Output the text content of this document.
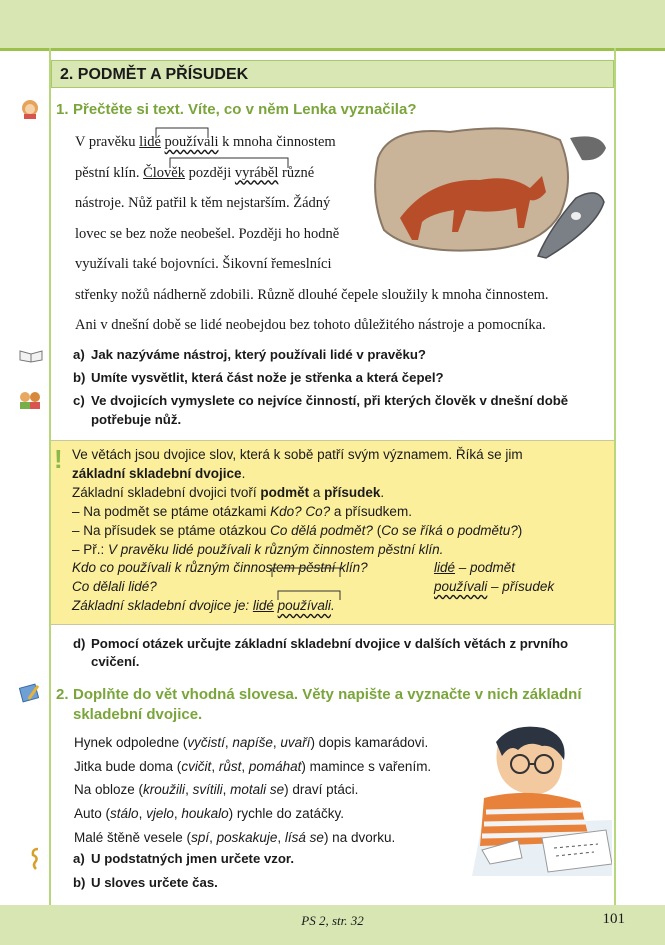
2. PODMĚT A PŘÍSUDEK
1. Přečtěte si text. Víte, co v něm Lenka vyznačila?
V pravěku lidé používali k mnoha činnostem
pěstní klín. Člověk později vyráběl různé
nástroje. Nůž patřil k těm nejstarším. Žádný
lovec se bez nože neobešel. Později ho hodně
využívali také bojovníci. Šikovní řemeslníci
střenky nožů nádherně zdobili. Různě dlouhé čepele sloužily k mnoha činnostem.
Ani v dnešní době se lidé neobejdou bez tohoto důležitého nástroje a pomocníka.
a) Jak nazýváme nástroj, který používali lidé v pravěku?
b) Umíte vysvětlit, která část nože je střenka a která čepel?
c) Ve dvojicích vymyslete co nejvíce činností, při kterých člověk v dnešní době
potřebuje nůž.
! Ve větách jsou dvojice slov, která k sobě patří svým významem. Říká se jim
základní skladební dvojice.
Základní skladební dvojici tvoří podmět a přísudek.
– Na podmět se ptáme otázkami Kdo? Co? a přísudkem.
– Na přísudek se ptáme otázkou Co dělá podmět? (Co se říká o podmětu?)
– Př.: V pravěku lidé používali k různým činnostem pěstní klín.
Kdo co používali k různým činnostem pěstní klín?	lidé – podmět
Co dělali lidé?	používali – přísudek
Základní skladební dvojice je: lidé používali.
d) Pomocí otázek určujte základní skladební dvojice v dalších větách z prvního
cvičení.
2. Doplňte do vět vhodná slovesa. Věty napište a vyznačte v nich základní
skladební dvojice.
Hynek odpoledne (vyčistí, napíše, uvaří) dopis kamarádovi.
Jitka bude doma (cvičit, růst, pomáhat) mamince s vařením.
Na obloze (kroužili, svítili, motali se) draví ptáci.
Auto (stálo, vjelo, houkalo) rychle do zatáčky.
Malé štěně vesele (spí, poskakuje, lísá se) na dvorku.
a) U podstatných jmen určete vzor.
b) U sloves určete čas.
PS 2, str. 32	101
